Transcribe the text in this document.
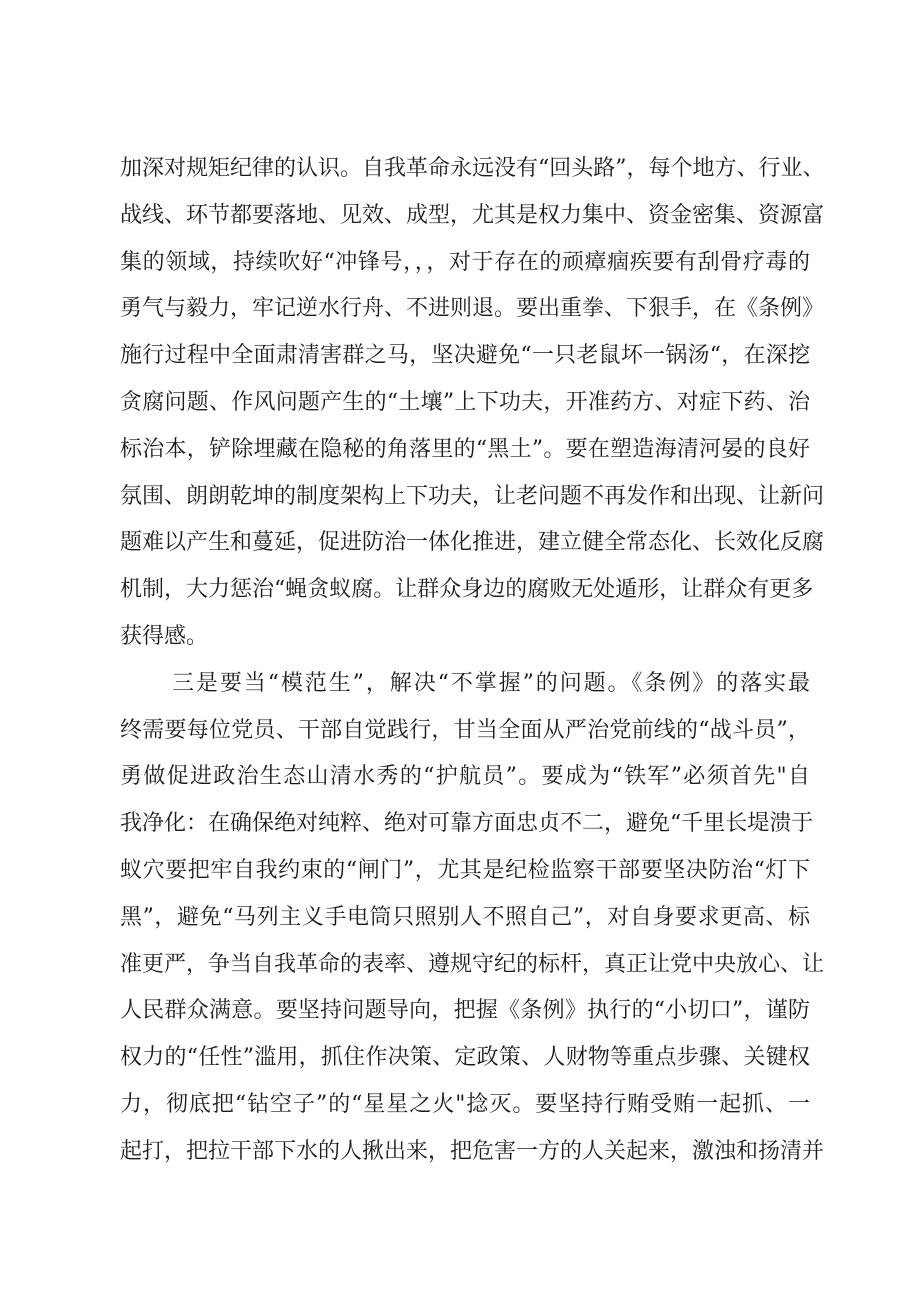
加深对规矩纪律的认识。自我革命永远没有“回头路”，每个地方、行业、
战线、环节都要落地、见效、成型，尤其是权力集中、资金密集、资源富
集的领域，持续吹好“冲锋号，，，对于存在的顽瘴痼疾要有刮骨疗毒的
勇气与毅力，牢记逆水行舟、不进则退。要出重拳、下狠手，在《条例》
施行过程中全面肃清害群之马，坚决避免“一只老鼠坏一锅汤“，在深挖
贪腐问题、作风问题产生的“土壤”上下功夫，开准药方、对症下药、治
标治本，铲除埋藏在隐秘的角落里的“黑土”。要在塑造海清河晏的良好
氛围、朗朗乾坤的制度架构上下功夫，让老问题不再发作和出现、让新问
题难以产生和蔓延，促进防治一体化推进，建立健全常态化、长效化反腐
机制，大力惩治“蝇贪蚁腐。让群众身边的腐败无处遁形，让群众有更多
获得感。
三是要当“模范生”，解决“不掌握”的问题。《条例》的落实最
终需要每位党员、干部自觉践行，甘当全面从严治党前线的“战斗员”，
勇做促进政治生态山清水秀的“护航员”。要成为“铁军”必须首先"自
我净化：在确保绝对纯粹、绝对可靠方面忠贞不二，避免“千里长堤溃于
蚁穴要把牢自我约束的“闸门”，尤其是纪检监察干部要坚决防治“灯下
黑”，避免“马列主义手电筒只照别人不照自己”，对自身要求更高、标
准更严，争当自我革命的表率、遵规守纪的标杆，真正让党中央放心、让
人民群众满意。要坚持问题导向，把握《条例》执行的“小切口”，谨防
权力的“任性”滥用，抓住作决策、定政策、人财物等重点步骤、关键权
力，彻底把“钻空子”的“星星之火"捻灭。要坚持行贿受贿一起抓、一
起打，把拉干部下水的人揪出来，把危害一方的人关起来，激浊和扬清并
